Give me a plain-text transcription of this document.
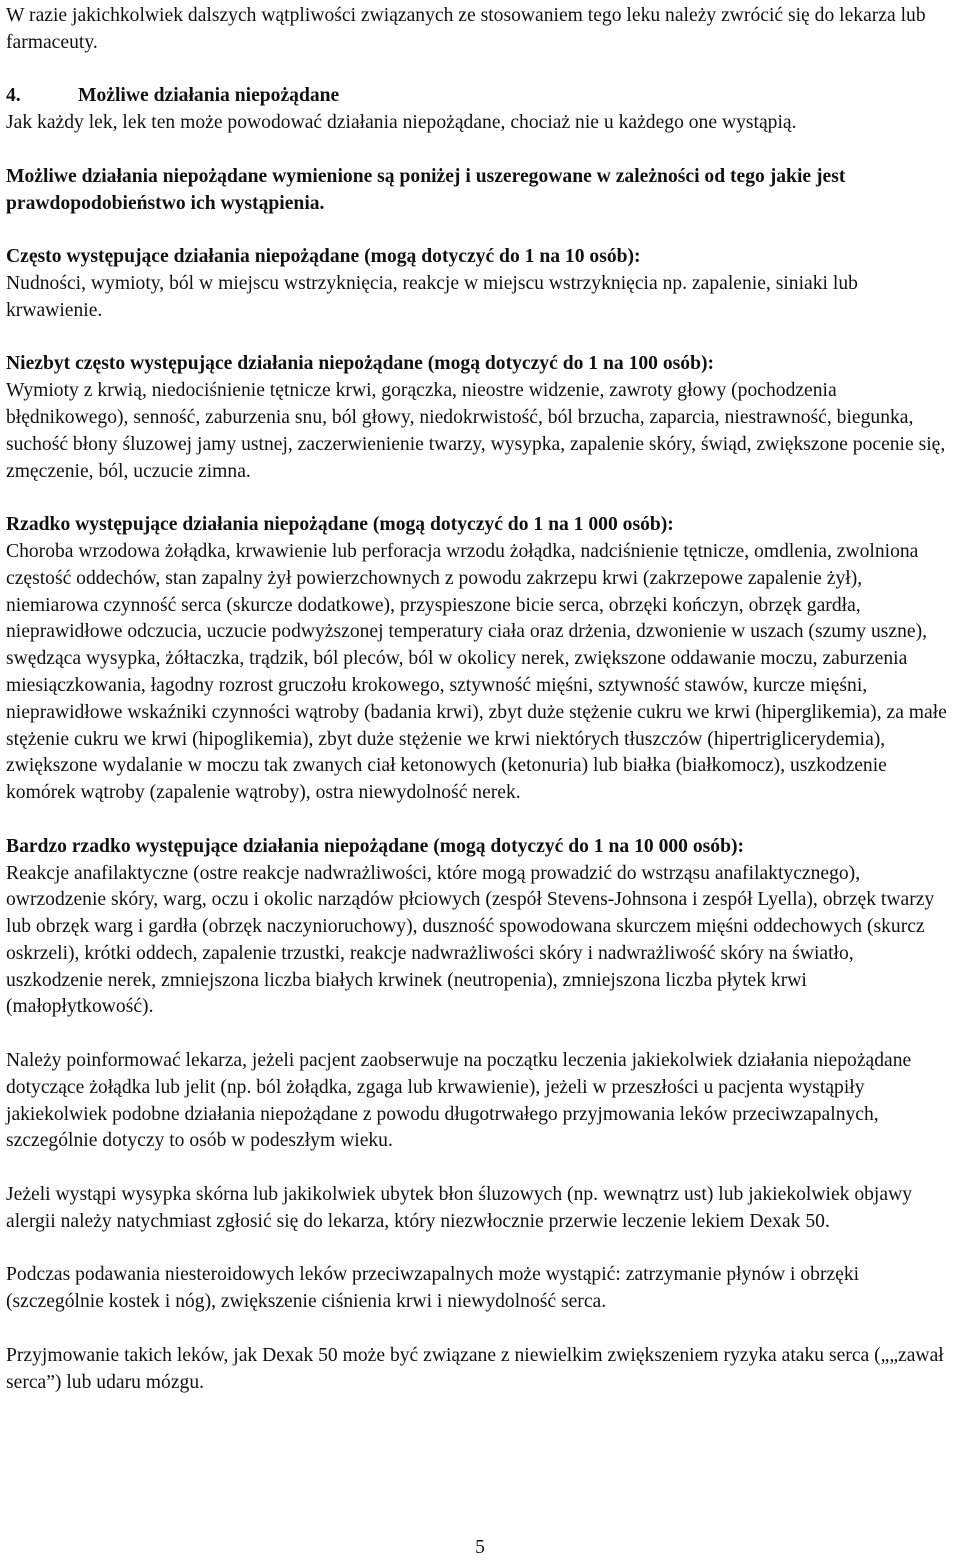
W razie jakichkolwiek dalszych wątpliwości związanych ze stosowaniem tego leku należy zwrócić się do lekarza lub farmaceuty.

4.	Możliwe działania niepożądane

Jak każdy lek, lek ten może powodować działania niepożądane, chociaż nie u każdego one wystąpią.

Możliwe działania niepożądane wymienione są poniżej i uszeregowane w zależności od tego jakie jest prawdopodobieństwo ich wystąpienia.

Często występujące działania niepożądane (mogą dotyczyć do 1 na 10 osób):

Nudności, wymioty, ból w miejscu wstrzyknięcia, reakcje w miejscu wstrzyknięcia np. zapalenie, siniaki lub krwawienie.

Niezbyt często występujące działania niepożądane (mogą dotyczyć do 1 na 100 osób):

Wymioty z krwią, niedociśnienie tętnicze krwi, gorączka, nieostre widzenie, zawroty głowy (pochodzenia błędnikowego), senność, zaburzenia snu, ból głowy, niedokrwistość, ból brzucha, zaparcia, niestrawność, biegunka, suchość błony śluzowej jamy ustnej, zaczerwienienie twarzy, wysypka, zapalenie skóry, świąd, zwiększone pocenie się, zmęczenie, ból, uczucie zimna.

Rzadko występujące działania niepożądane (mogą dotyczyć do 1 na 1 000 osób):

Choroba wrzodowa żołądka, krwawienie lub perforacja wrzodu żołądka, nadciśnienie tętnicze, omdlenia, zwolniona częstość oddechów, stan zapalny żył powierzchownych z powodu zakrzepu krwi (zakrzepowe zapalenie żył), niemiarowa czynność serca (skurcze dodatkowe), przyspieszone bicie serca, obrzęki kończyn, obrzęk gardła, nieprawidłowe odczucia, uczucie podwyższonej temperatury ciała oraz drżenia, dzwonienie w uszach (szumy uszne), swędząca wysypka, żółtaczka, trądzik, ból pleców, ból w okolicy nerek, zwiększone oddawanie moczu, zaburzenia miesiączkowania, łagodny rozrost gruczołu krokowego, sztywność mięśni, sztywność stawów, kurcze mięśni, nieprawidłowe wskaźniki czynności wątroby (badania krwi), zbyt duże stężenie cukru we krwi (hiperglikemia), za małe stężenie cukru we krwi (hipoglikemia), zbyt duże stężenie we krwi niektórych tłuszczów (hipertriglicerydemia), zwiększone wydalanie w moczu tak zwanych ciał ketonowych (ketonuria) lub białka (białkomocz), uszkodzenie komórek wątroby (zapalenie wątroby), ostra niewydolność nerek.

Bardzo rzadko występujące działania niepożądane (mogą dotyczyć do 1 na 10 000 osób):

Reakcje anafilaktyczne (ostre reakcje nadwrażliwości, które mogą prowadzić do wstrząsu anafilaktycznego), owrzodzenie skóry, warg, oczu i okolic narządów płciowych (zespół Stevens-Johnsona i zespół Lyella), obrzęk twarzy lub obrzęk warg i gardła (obrzęk naczynioruchowy), duszność spowodowana skurczem mięśni oddechowych (skurcz oskrzeli), krótki oddech, zapalenie trzustki, reakcje nadwrażliwości skóry i nadwrażliwość skóry na światło, uszkodzenie nerek, zmniejszona liczba białych krwinek (neutropenia), zmniejszona liczba płytek krwi (małopłytkowość).

Należy poinformować lekarza, jeżeli pacjent zaobserwuje na początku leczenia jakiekolwiek działania niepożądane dotyczące żołądka lub jelit (np. ból żołądka, zgaga lub krwawienie), jeżeli w przeszłości u pacjenta wystąpiły jakiekolwiek podobne działania niepożądane z powodu długotrwałego przyjmowania leków przeciwzapalnych, szczególnie dotyczy to osób w podeszłym wieku.

Jeżeli wystąpi wysypka skórna lub jakikolwiek ubytek błon śluzowych (np. wewnątrz ust) lub jakiekolwiek objawy alergii należy natychmiast zgłosić się do lekarza, który niezwłocznie przerwie leczenie lekiem Dexak 50.

Podczas podawania niesteroidowych leków przeciwzapalnych może wystąpić: zatrzymanie płynów i obrzęki (szczególnie kostek i nóg), zwiększenie ciśnienia krwi i niewydolność serca.

Przyjmowanie takich leków, jak Dexak 50 może być związane z niewielkim zwiększeniem ryzyka ataku serca („„zawał serca”) lub udaru mózgu.

5
